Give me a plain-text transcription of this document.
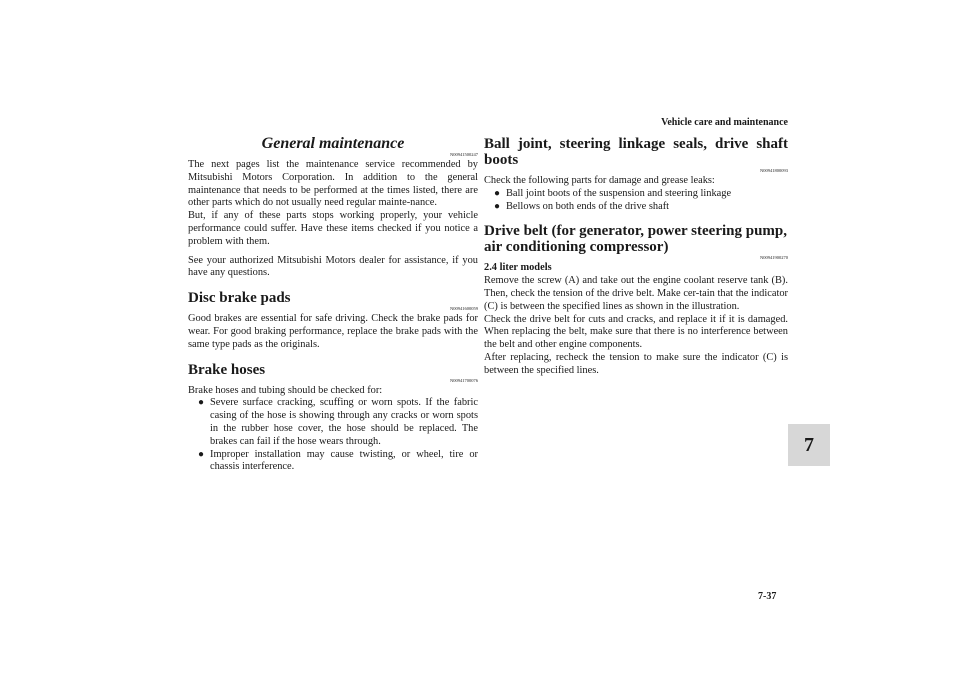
Vehicle care and maintenance
General maintenance
N00941500247

The next pages list the maintenance service recommended by Mitsubishi Motors Corporation. In addition to the general maintenance that needs to be performed at the times listed, there are other parts which do not usually need regular mainte-nance.

But, if any of these parts stops working properly, your vehicle performance could suffer. Have these items checked if you notice a problem with them.

See your authorized Mitsubishi Motors dealer for assistance, if you have any questions.

Disc brake pads
N00941600059

Good brakes are essential for safe driving. Check the brake pads for wear. For good braking performance, replace the brake pads with the same type pads as the originals.

Brake hoses
N00941700076

Brake hoses and tubing should be checked for:

● Severe surface cracking, scuffing or worn spots. If the fabric casing of the hose is showing through any cracks or worn spots in the rubber hose cover, the hose should be replaced. The brakes can fail if the hose wears through.
● Improper installation may cause twisting, or wheel, tire or chassis interference.
Ball joint, steering linkage seals, drive shaft boots
N00941800093

Check the following parts for damage and grease leaks:

● Ball joint boots of the suspension and steering linkage
● Bellows on both ends of the drive shaft
Drive belt (for generator, power steering pump, air conditioning compressor)
N00941900270

2.4 liter models

Remove the screw (A) and take out the engine coolant reserve tank (B). Then, check the tension of the drive belt. Make cer-tain that the indicator (C) is between the specified lines as shown in the illustration.

Check the drive belt for cuts and cracks, and replace it if it is damaged. When replacing the belt, make sure that there is no interference between the belt and other engine components.

After replacing, recheck the tension to make sure the indicator (C) is between the specified lines.

7
7-37
